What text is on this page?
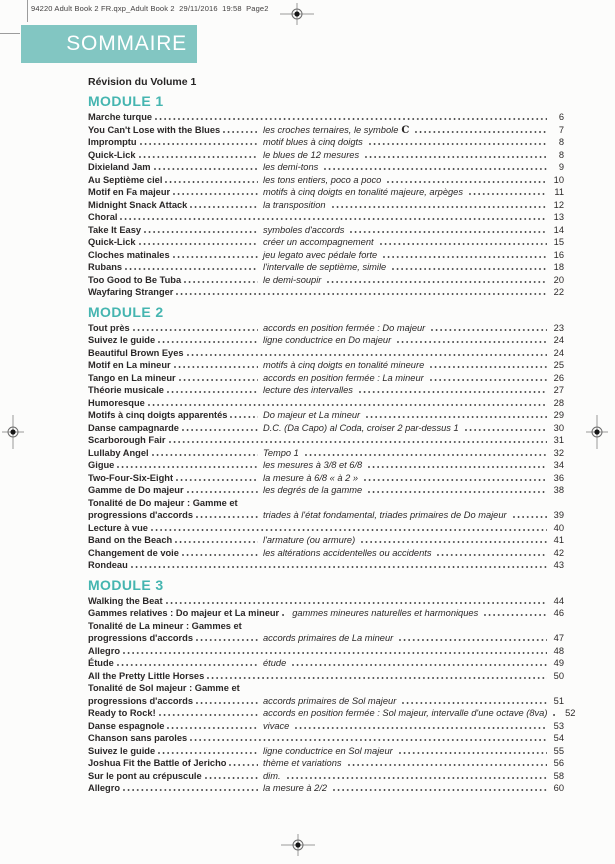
94220 Adult Book 2 FR.qxp_Adult Book 2  29/11/2016  19:58  Page2
SOMMAIRE
Révision du Volume 1
MODULE 1
Marche turque	6
You Can't Lose with the Blues	les croches ternaires, le symbole C	7
Impromptu	motif blues à cinq doigts	8
Quick-Lick	le blues de 12 mesures	8
Dixieland Jam	les demi-tons	9
Au Septième ciel	les tons entiers, poco a poco	10
Motif en Fa majeur	motifs à cinq doigts en tonalité majeure, arpèges	11
Midnight Snack Attack	la transposition	12
Choral	13
Take It Easy	symboles d'accords	14
Quick-Lick	créer un accompagnement	15
Cloches matinales	jeu legato avec pédale forte	16
Rubans	l'intervalle de septième, simile	18
Too Good to Be Tuba	le demi-soupir	20
Wayfaring Stranger	22
MODULE 2
Tout près	accords en position fermée : Do majeur	23
Suivez le guide	ligne conductrice en Do majeur	24
Beautiful Brown Eyes	24
Motif en La mineur	motifs à cinq doigts en tonalité mineure	25
Tango en La mineur	accords en position fermée : La mineur	26
Théorie musicale	lecture des intervalles	27
Humoresque	28
Motifs à cinq doigts apparentés	Do majeur et La mineur	29
Danse campagnarde	D.C. (Da Capo) al Coda, croiser 2 par-dessus 1	30
Scarborough Fair	31
Lullaby Angel	Tempo 1	32
Gigue	les mesures à 3/8 et 6/8	34
Two-Four-Six-Eight	la mesure à 6/8 « à 2 »	36
Gamme de Do majeur	les degrés de la gamme	38
Tonalité de Do majeur : Gamme et
progressions d'accords	triades à l'état fondamental, triades primaires de Do majeur	39
Lecture à vue	40
Band on the Beach	l'armature (ou armure)	41
Changement de voie	les altérations accidentelles ou accidents	42
Rondeau	43
MODULE 3
Walking the Beat	44
Gammes relatives : Do majeur et La mineur	gammes mineures naturelles et harmoniques	46
Tonalité de La mineur : Gammes et
progressions d'accords	accords primaires de La mineur	47
Allegro	48
Étude	étude	49
All the Pretty Little Horses	50
Tonalité de Sol majeur : Gamme et
progressions d'accords	accords primaires de Sol majeur	51
Ready to Rock!	accords en position fermée : Sol majeur, intervalle d'une octave (8va)	52
Danse espagnole	vivace	53
Chanson sans paroles	54
Suivez le guide	ligne conductrice en Sol majeur	55
Joshua Fit the Battle of Jericho	thème et variations	56
Sur le pont au crépuscule	dim.	58
Allegro	la mesure à 2/2	60
